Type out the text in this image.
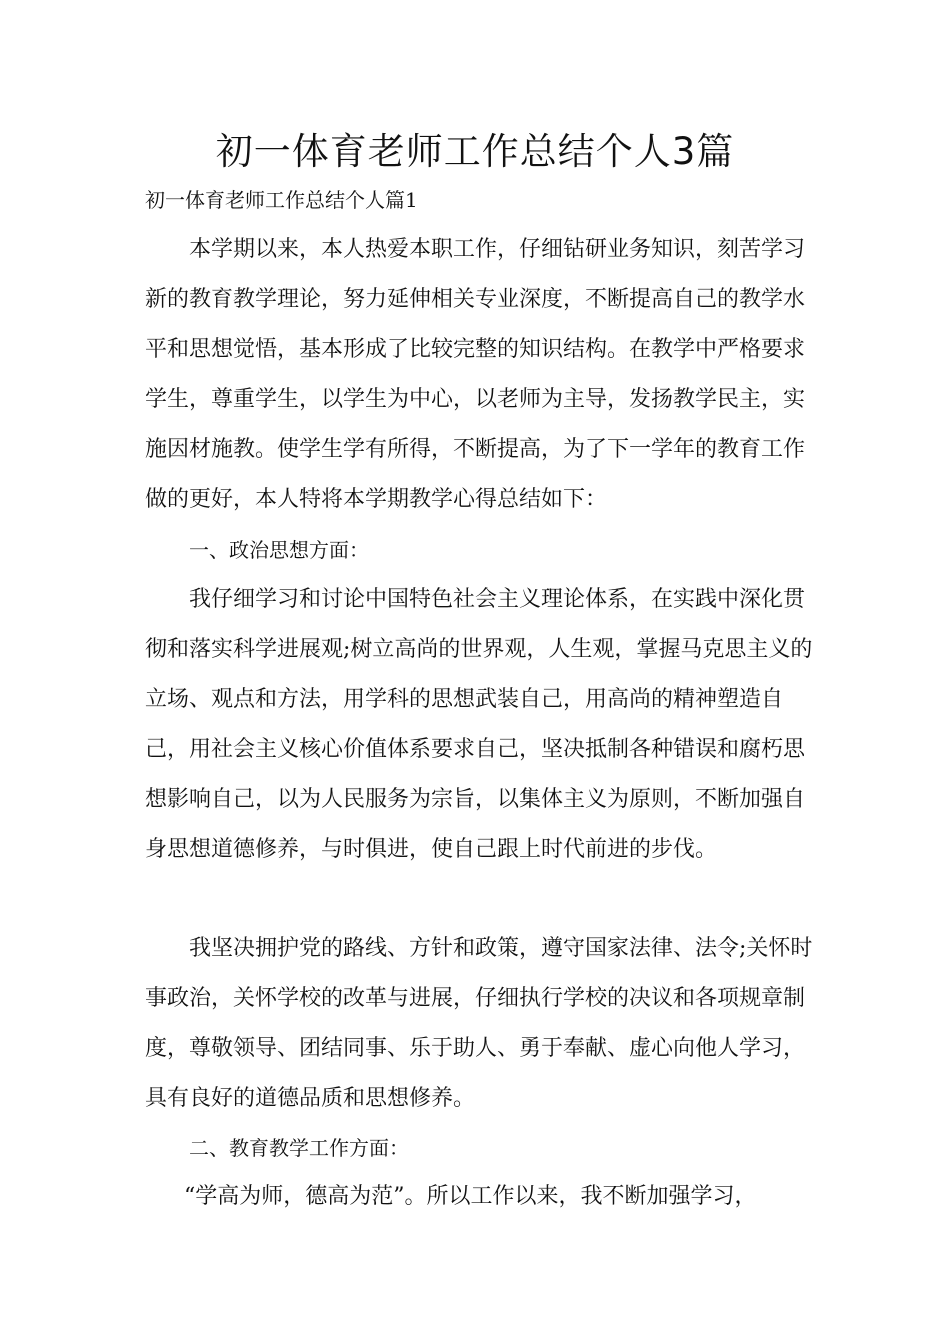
初一体育老师工作总结个人3篇
初一体育老师工作总结个人篇1

本学期以来，本人热爱本职工作，仔细钻研业务知识，刻苦学习新的教育教学理论，努力延伸相关专业深度，不断提高自己的教学水平和思想觉悟，基本形成了比较完整的知识结构。在教学中严格要求学生，尊重学生，以学生为中心，以老师为主导，发扬教学民主，实施因材施教。使学生学有所得，不断提高，为了下一学年的教育工作做的更好，本人特将本学期教学心得总结如下：

一、政治思想方面：

我仔细学习和讨论中国特色社会主义理论体系，在实践中深化贯彻和落实科学进展观;树立高尚的世界观，人生观，掌握马克思主义的立场、观点和方法，用学科的思想武装自己，用高尚的精神塑造自己，用社会主义核心价值体系要求自己，坚决抵制各种错误和腐朽思想影响自己，以为人民服务为宗旨，以集体主义为原则，不断加强自身思想道德修养，与时俱进，使自己跟上时代前进的步伐。

我坚决拥护党的路线、方针和政策，遵守国家法律、法令;关怀时事政治，关怀学校的改革与进展，仔细执行学校的决议和各项规章制度，尊敬领导、团结同事、乐于助人、勇于奉献、虚心向他人学习，具有良好的道德品质和思想修养。

二、教育教学工作方面：
“学高为师，德高为范”。所以工作以来，我不断加强学习，
